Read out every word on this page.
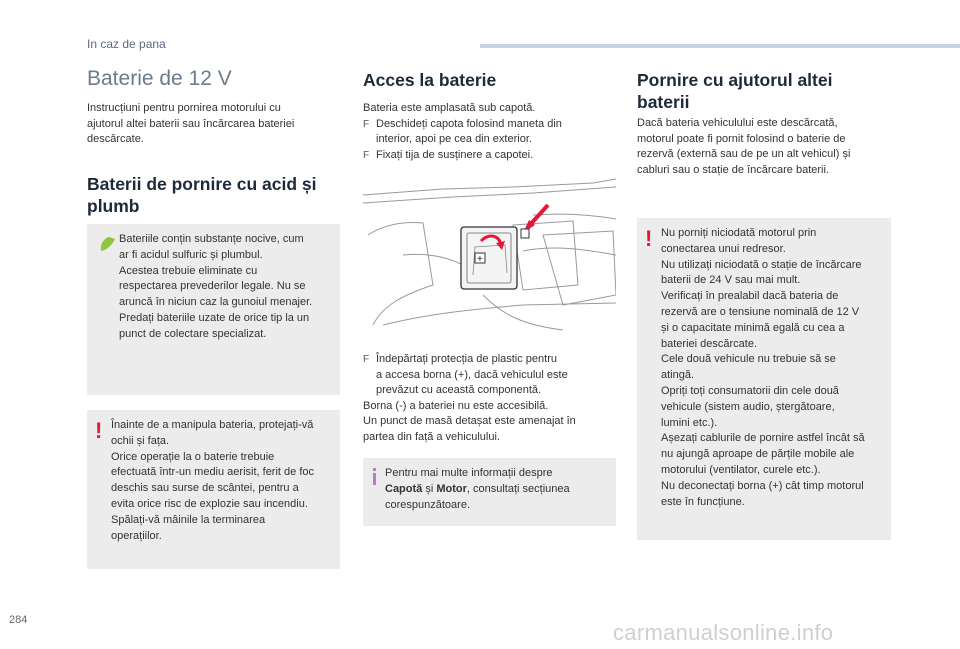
In caz de pana
Baterie de 12 V
Instrucțiuni pentru pornirea motorului cu
ajutorul altei baterii sau încărcarea bateriei
descărcate.
Baterii de pornire cu acid și
plumb
Bateriile conțin substanțe nocive, cum
ar fi acidul sulfuric și plumbul.
Acestea trebuie eliminate cu
respectarea prevederilor legale. Nu se
aruncă în niciun caz la gunoiul menajer.
Predați bateriile uzate de orice tip la un
punct de colectare specializat.
! Înainte de a manipula bateria, protejați-vă
ochii și fața.
Orice operație la o baterie trebuie
efectuată într-un mediu aerisit, ferit de foc
deschis sau surse de scântei, pentru a
evita orice risc de explozie sau incendiu.
Spălați-vă mâinile la terminarea
operațiilor.
Acces la baterie
Bateria este amplasată sub capotă.
F Deschideți capota folosind maneta din
interior, apoi pe cea din exterior.
F Fixați tija de susținere a capotei.
+
F Îndepărtați protecția de plastic pentru
a accesa borna (+), dacă vehiculul este
prevăzut cu această componentă.
Borna (-) a bateriei nu este accesibilă.
Un punct de masă detașat este amenajat în
partea din față a vehiculului.
Pentru mai multe informații despre
Capotă și Motor, consultați secțiunea
corespunzătoare.
Pornire cu ajutorul altei
baterii
Dacă bateria vehiculului este descărcată,
motorul poate fi pornit folosind o baterie de
rezervă (externă sau de pe un alt vehicul) și
cabluri sau o stație de încărcare baterii.
! Nu porniți niciodată motorul prin
conectarea unui redresor.
Nu utilizați niciodată o stație de încărcare
baterii de 24 V sau mai mult.
Verificați în prealabil dacă bateria de
rezervă are o tensiune nominală de 12 V
și o capacitate minimă egală cu cea a
bateriei descărcate.
Cele două vehicule nu trebuie să se
atingă.
Opriți toți consumatorii din cele două
vehicule (sistem audio, ștergătoare,
lumini etc.).
Așezați cablurile de pornire astfel încât să
nu ajungă aproape de părțile mobile ale
motorului (ventilator, curele etc.).
Nu deconectați borna (+) cât timp motorul
este în funcțiune.
284	carmanualsonline.info
